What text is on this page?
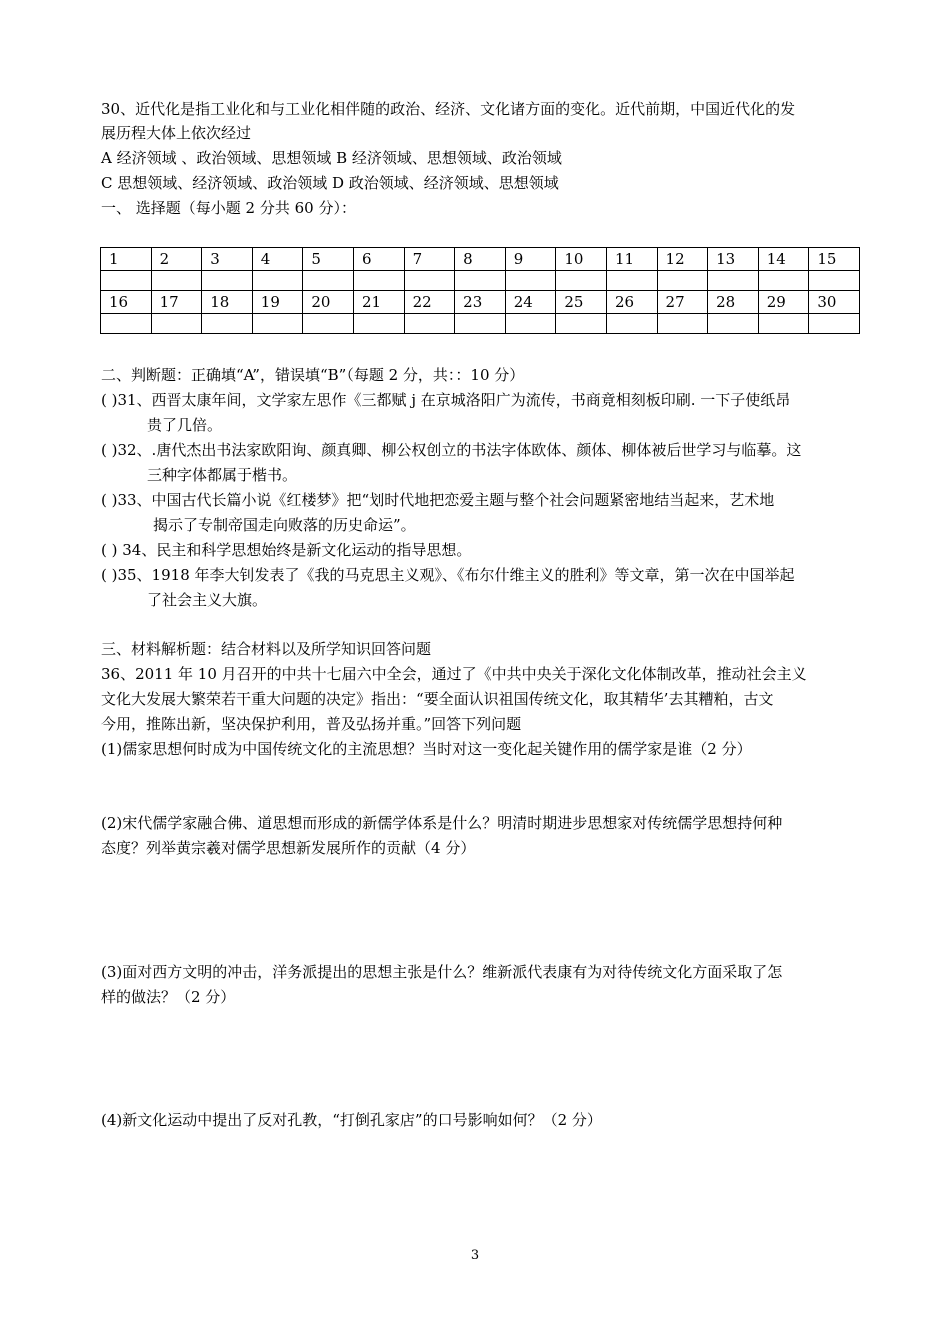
30、近代化是指工业化和与工业化相伴随的政治、经济、文化诸方面的变化。近代前期，中国近代化的发
展历程大体上依次经过
A 经济领域 、政治领域、思想领域 B 经济领域、思想领域、政治领域
C 思想领域、经济领域、政治领域 D 政治领域、经济领域、思想领域
一、 选择题（每小题 2 分共 60 分）：
1	2	3	4	5	6	7	8	9	10	11	12	13	14	15

16	17	18	19	20	21	22	23	24	25	26	27	28	29	30

二、判断题：正确填“A”，错误填“B”（每题 2 分，共：：10 分）
( )31、西晋太康年间，文学家左思作《三都赋 j 在京城洛阳广为流传，书商竟相刻板印刷. 一下子使纸昂
贵了几倍。
( )32、.唐代杰出书法家欧阳询、颜真卿、柳公权创立的书法字体欧体、颜体、柳体被后世学习与临摹。这
三种字体都属于楷书。
( )33、中国古代长篇小说《红楼梦》把“划时代地把恋爱主题与整个社会问题紧密地结当起来，艺术地
揭示了专制帝国走向败落的历史命运”。
( ) 34、民主和科学思想始终是新文化运动的指导思想。
( )35、1918 年李大钊发表了《我的马克思主义观》、《布尔什维主义的胜利》等文章，第一次在中国举起
了社会主义大旗。
三、材料解析题：结合材料以及所学知识回答问题
36、2011 年 10 月召开的中共十七届六中全会，通过了《中共中央关于深化文化体制改革，推动社会主义
文化大发展大繁荣若干重大问题的决定》指出：“要全面认识祖国传统文化，取其精华’去其糟粕，古文
今用，推陈出新，坚决保护利用，普及弘扬并重。”回答下列问题
(1)儒家思想何时成为中国传统文化的主流思想？当时对这一变化起关键作用的儒学家是谁（2 分）
(2)宋代儒学家融合佛、道思想而形成的新儒学体系是什么？明清时期进步思想家对传统儒学思想持何种
态度？列举黄宗羲对儒学思想新发展所作的贡献（4 分）
(3)面对西方文明的冲击，洋务派提出的思想主张是什么？维新派代表康有为对待传统文化方面采取了怎
样的做法？（2 分）
(4)新文化运动中提出了反对孔教，“打倒孔家店”的口号影响如何？（2 分）
3
